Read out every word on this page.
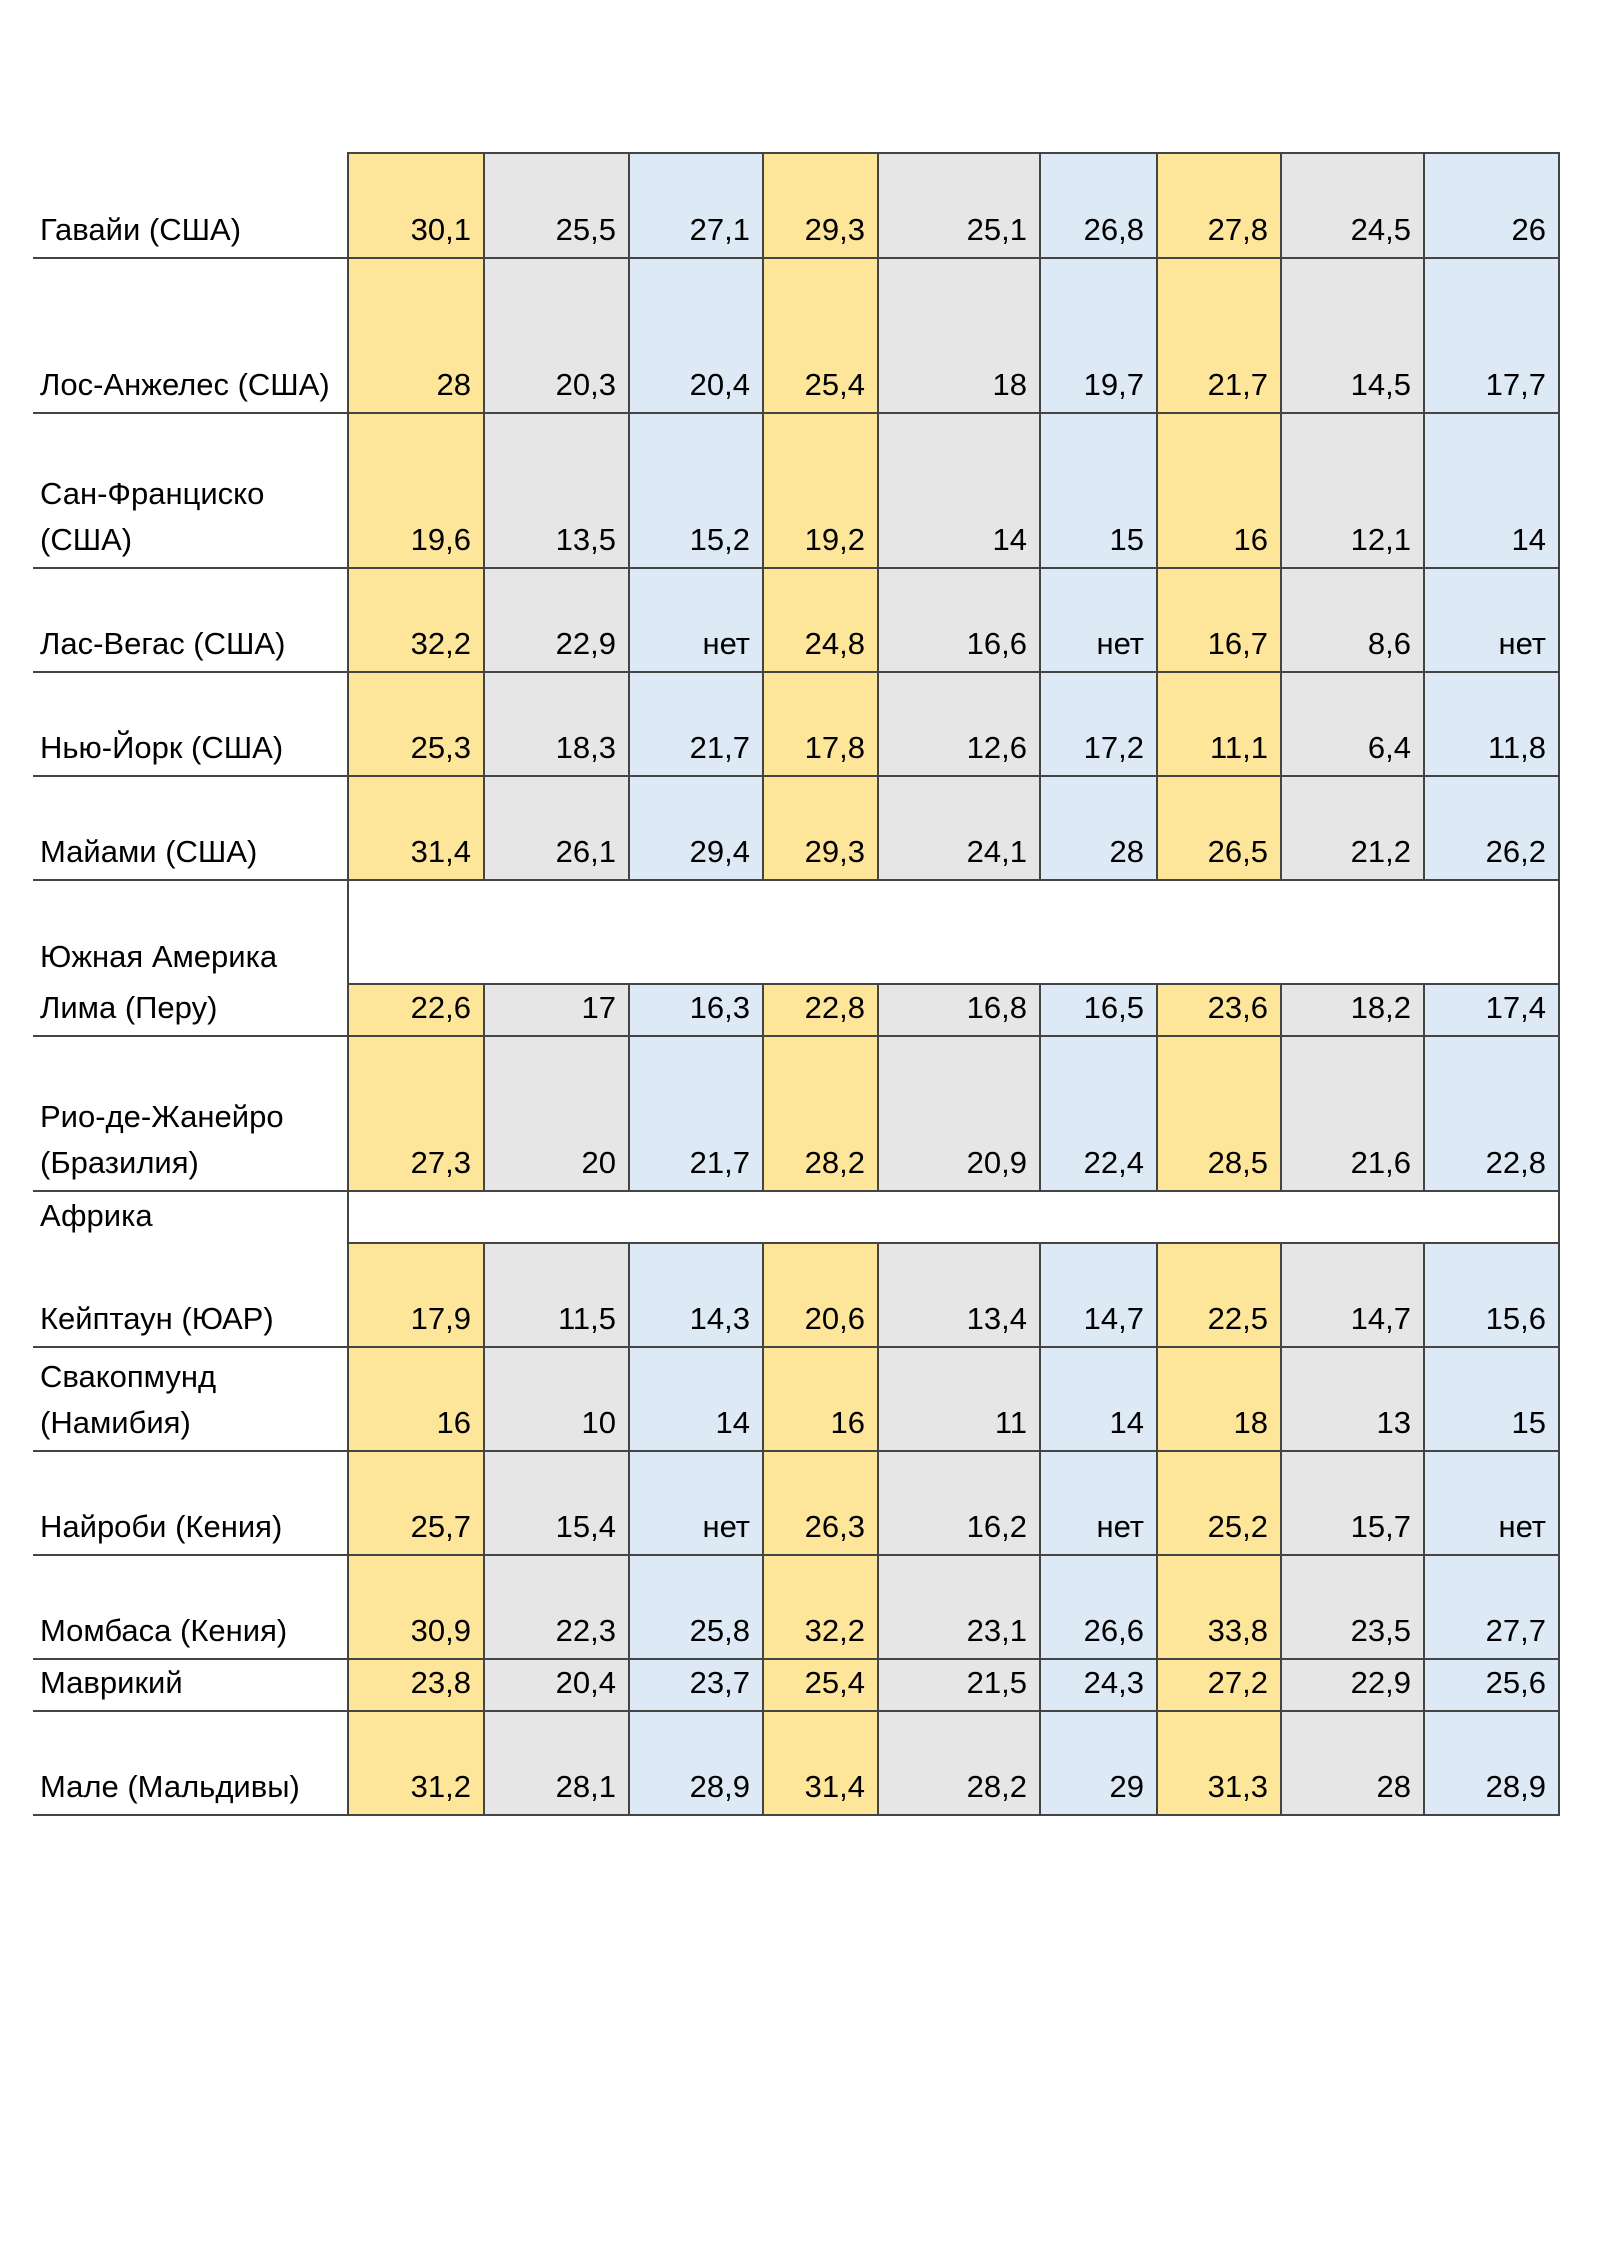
Гавайи (США)	30,1	25,5	27,1	29,3	25,1	26,8	27,8	24,5	26
Лос-Анжелес (США)	28	20,3	20,4	25,4	18	19,7	21,7	14,5	17,7
Сан-Франциско (США)	19,6	13,5	15,2	19,2	14	15	16	12,1	14
Лас-Вегас (США)	32,2	22,9	нет	24,8	16,6	нет	16,7	8,6	нет
Нью-Йорк (США)	25,3	18,3	21,7	17,8	12,6	17,2	11,1	6,4	11,8
Майами (США)	31,4	26,1	29,4	29,3	24,1	28	26,5	21,2	26,2
Южная Америка									
Лима (Перу)	22,6	17	16,3	22,8	16,8	16,5	23,6	18,2	17,4
Рио-де-Жанейро (Бразилия)	27,3	20	21,7	28,2	20,9	22,4	28,5	21,6	22,8
Африка									
Кейптаун (ЮАР)	17,9	11,5	14,3	20,6	13,4	14,7	22,5	14,7	15,6
Свакопмунд (Намибия)	16	10	14	16	11	14	18	13	15
Найроби (Кения)	25,7	15,4	нет	26,3	16,2	нет	25,2	15,7	нет
Момбаса (Кения)	30,9	22,3	25,8	32,2	23,1	26,6	33,8	23,5	27,7
Маврикий	23,8	20,4	23,7	25,4	21,5	24,3	27,2	22,9	25,6
Мале (Мальдивы)	31,2	28,1	28,9	31,4	28,2	29	31,3	28	28,9
